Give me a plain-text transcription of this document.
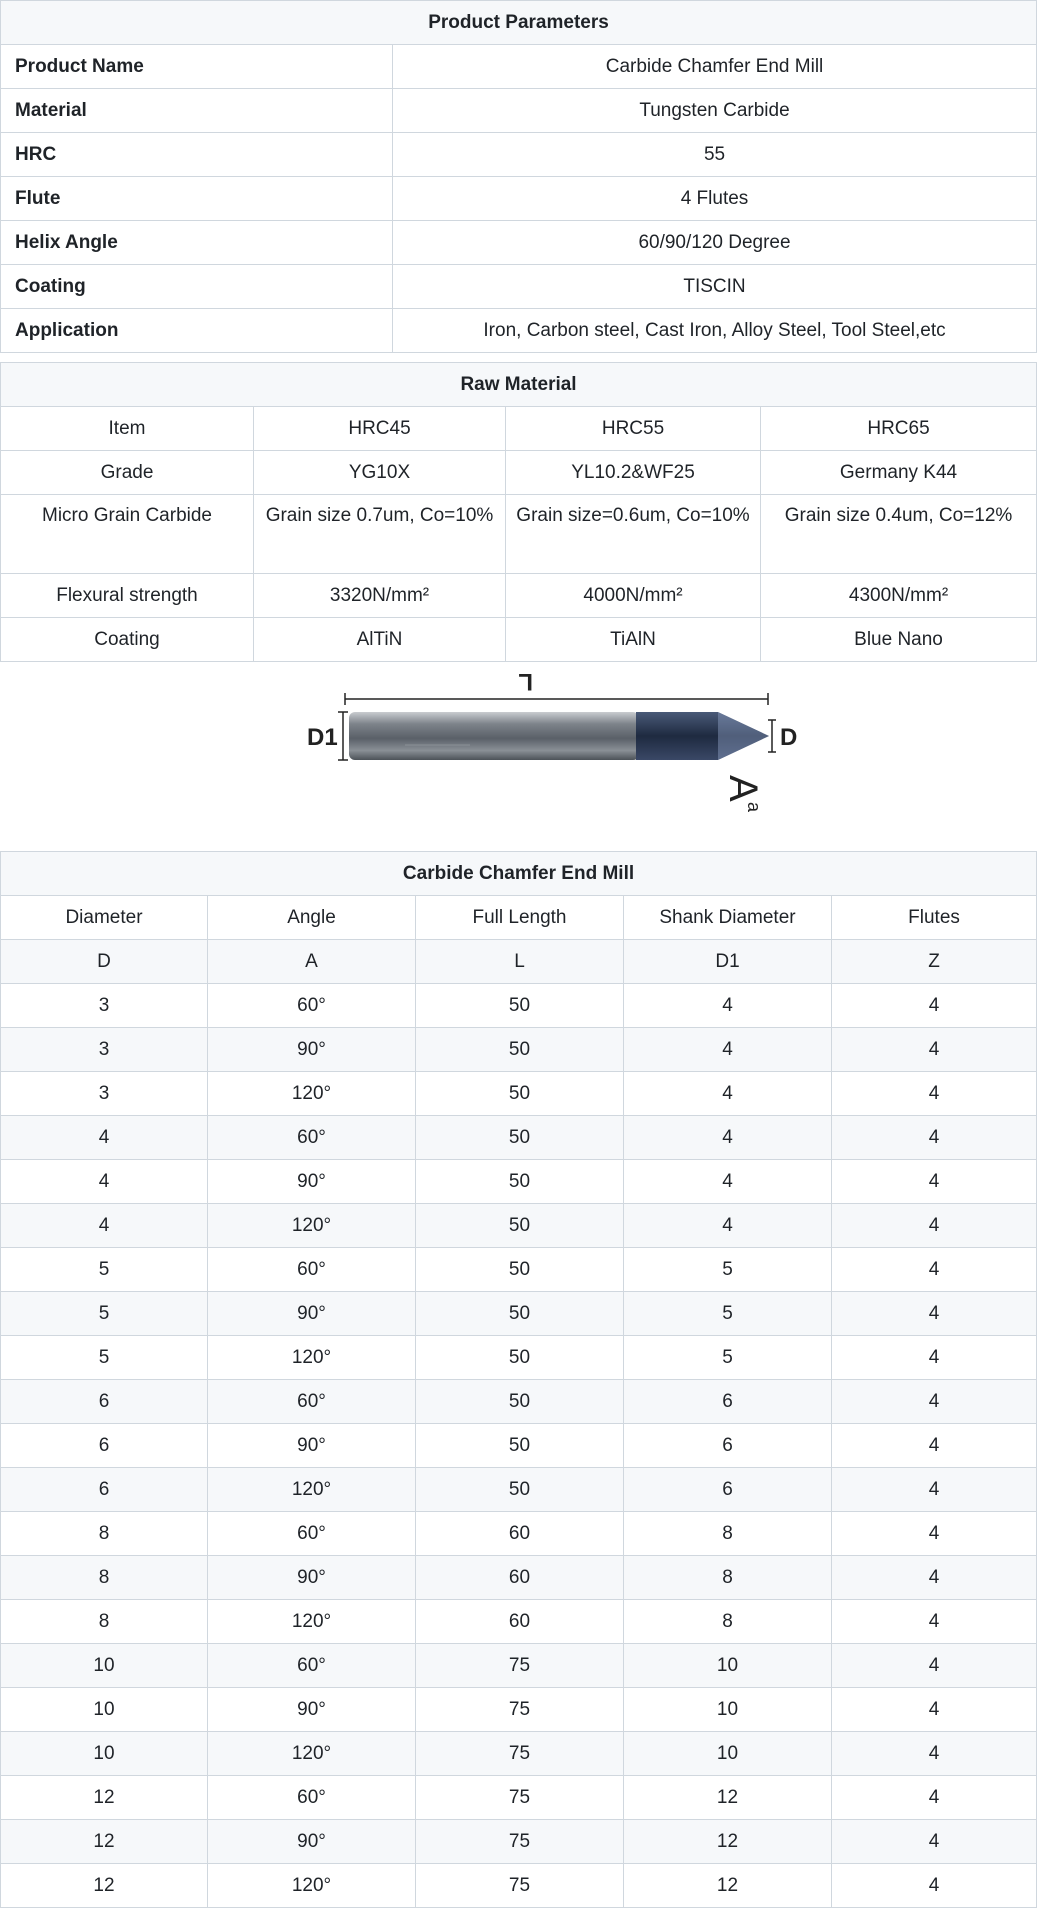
Product Parameters	
Product Name	Carbide Chamfer End Mill
Material	Tungsten Carbide
HRC	55
Flute	4 Flutes
Helix Angle	60/90/120 Degree
Coating	TISCIN
Application	Iron, Carbon steel, Cast Iron, Alloy Steel, Tool Steel,etc
Raw Material			
Item	HRC45	HRC55	HRC65
Grade	YG10X	YL10.2&WF25	Germany K44
Micro Grain Carbide	Grain size 0.7um, Co=10%	Grain size=0.6um, Co=10%	Grain size 0.4um, Co=12%
Flexural strength	3320N/mm²	4000N/mm²	4300N/mm²
Coating	AlTiN	TiAlN	Blue Nano
L
D1	D
A
a
Carbide Chamfer End Mill				
Diameter	Angle	Full Length	Shank Diameter	Flutes
D	A	L	D1	Z
3	60°	50	4	4
3	90°	50	4	4
3	120°	50	4	4
4	60°	50	4	4
4	90°	50	4	4
4	120°	50	4	4
5	60°	50	5	4
5	90°	50	5	4
5	120°	50	5	4
6	60°	50	6	4
6	90°	50	6	4
6	120°	50	6	4
8	60°	60	8	4
8	90°	60	8	4
8	120°	60	8	4
10	60°	75	10	4
10	90°	75	10	4
10	120°	75	10	4
12	60°	75	12	4
12	90°	75	12	4
12	120°	75	12	4
